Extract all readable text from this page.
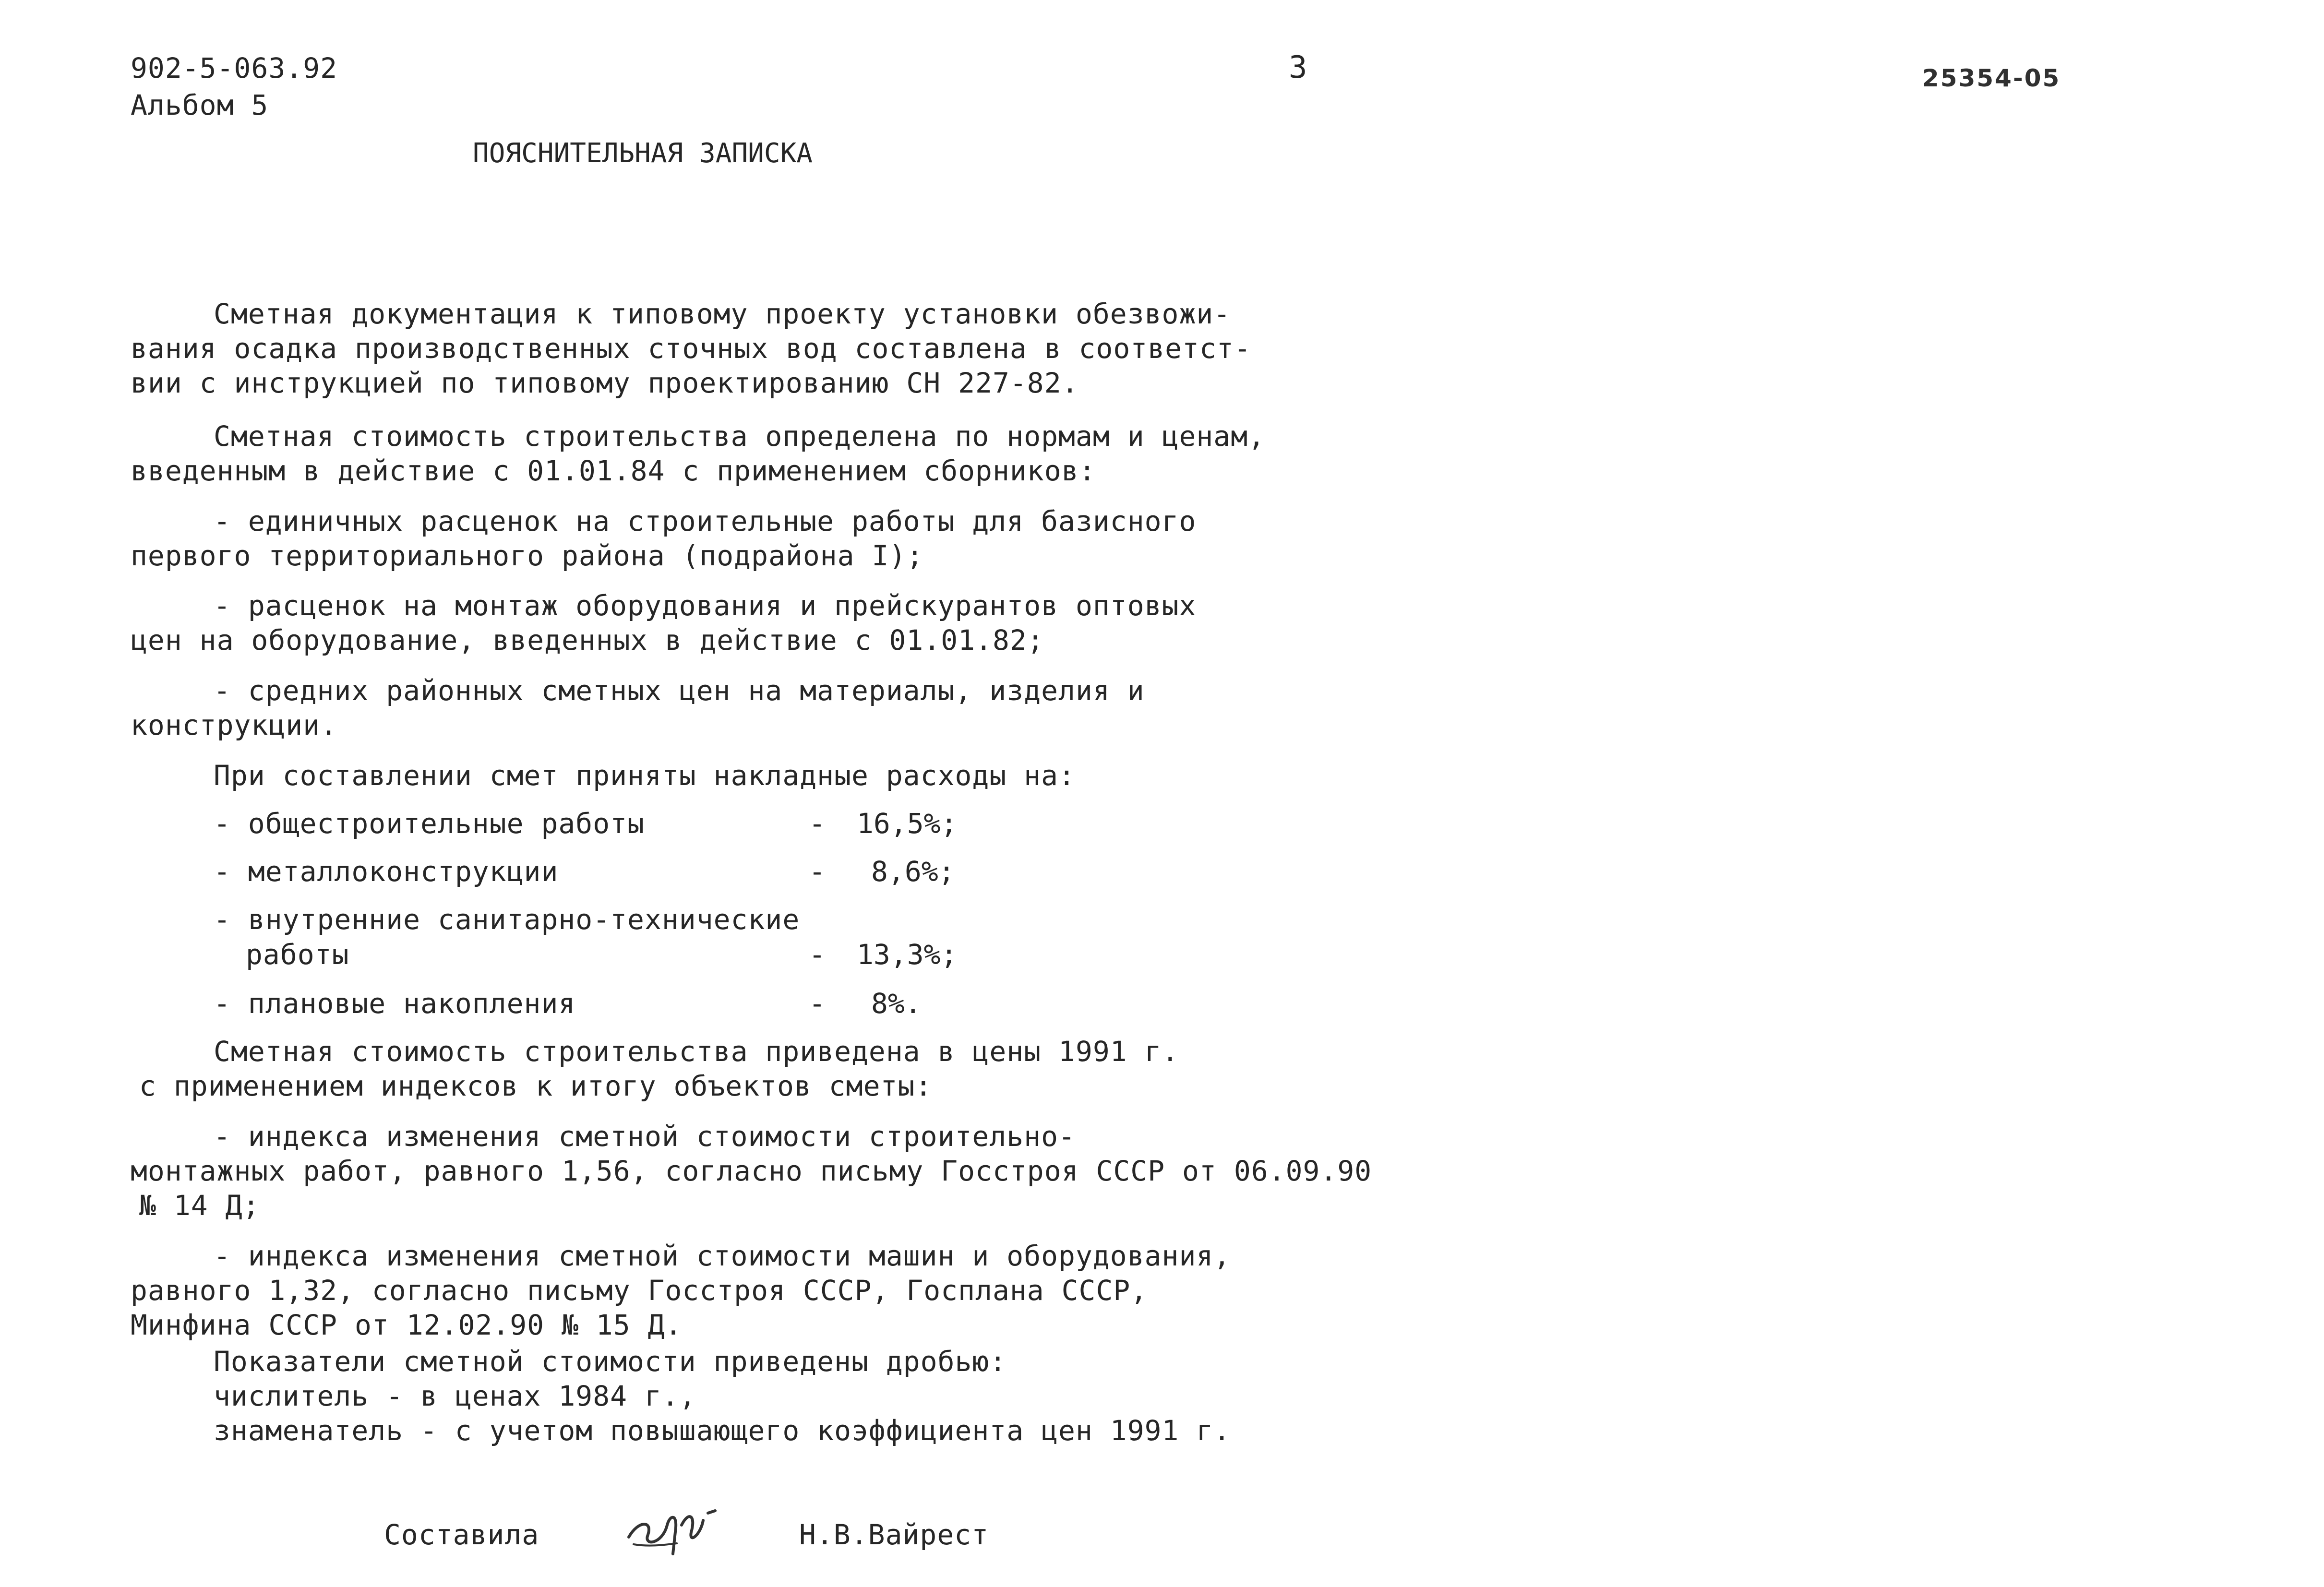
902-5-063.92
Альбом 5
3	25354-05
ПОЯСНИТЕЛЬНАЯ ЗАПИСКА
Сметная документация к типовому проекту установки обезвожи-
вания осадка производственных сточных вод составлена в соответст-
вии с инструкцией по типовому проектированию СН 227-82.
Сметная стоимость строительства определена по нормам и ценам,
введенным в действие с 01.01.84 с применением сборников:
- единичных расценок на строительные работы для базисного
первого территориального района (подрайона I);
- расценок на монтаж оборудования и прейскурантов оптовых
цен на оборудование, введенных в действие с 01.01.82;
- средних районных сметных цен на материалы, изделия и
конструкции.
При составлении смет приняты накладные расходы на:
- общестроительные работы	- 16,5%;
- металлоконструкции	- 8,6%;
- внутренние санитарно-технические
работы	- 13,3%;
- плановые накопления	- 8%.
Сметная стоимость строительства приведена в цены 1991 г.
с применением индексов к итогу объектов сметы:
- индекса изменения сметной стоимости строительно-
монтажных работ, равного 1,56, согласно письму Госстроя СССР от 06.09.90
№ 14 Д;
- индекса изменения сметной стоимости машин и оборудования,
равного 1,32, согласно письму Госстроя СССР, Госплана СССР,
Минфина СССР от 12.02.90 № 15 Д.
Показатели сметной стоимости приведены дробью:
числитель - в ценах 1984 г.,
знаменатель - с учетом повышающего коэффициента цен 1991 г.
Составила	Н.В.Вайрест
